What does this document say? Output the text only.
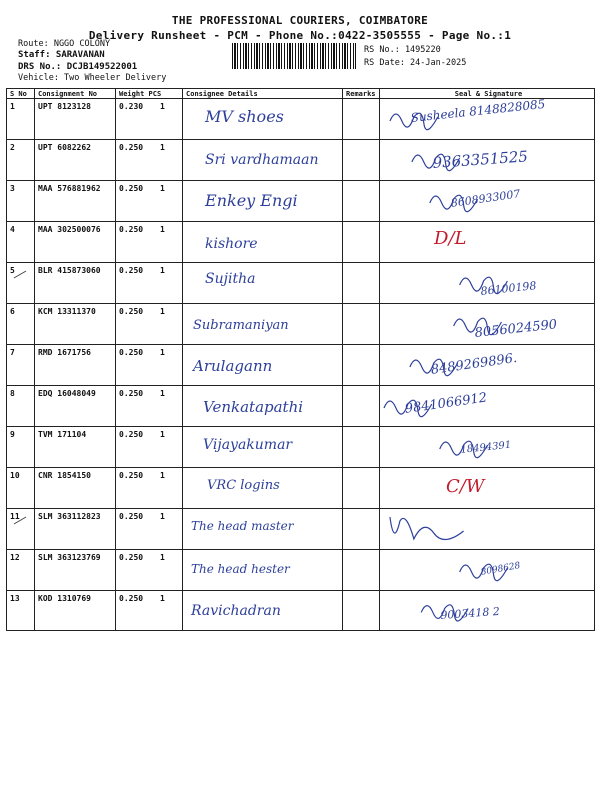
THE PROFESSIONAL COURIERS, COIMBATORE
Delivery Runsheet - PCM - Phone No.:0422-3505555 - Page No.:1
Route: NGGO COLONY
Staff: SARAVANAN
DRS No.: DCJB149522001
Vehicle: Two Wheeler Delivery
RS No.: 1495220
RS Date: 24-Jan-2025
S No	Consignment No	Weight PCS	Consignee Details	Remarks	Seal & Signature

1	UPT 8123128	0.230 1	MV shoes		Susheela 8148828085

2	UPT 6082262	0.250 1	Sri vardhamaan		9363351525

3	MAA 576881962	0.250 1	Enkey Engi		8608933007

4	MAA 302500076	0.250 1	kishore		D/L

5	BLR 415873060	0.250 1	Sujitha		86100198

6	KCM 13311370	0.250 1	Subramaniyan		8056024590

7	RMD 1671756	0.250 1	Arulagann		8489269896.

8	EDQ 16048049	0.250 1	Venkatapathi		9841066912

9	TVM 171104	0.250 1	Vijayakumar		18494391

10	CNR 1854150	0.250 1	VRC logins		C/W

11	SLM 363112823	0.250 1	The head master

12	SLM 363123769	0.250 1	The head hester		8098628

13	KOD 1310769	0.250 1	Ravichadran		9003418 2
